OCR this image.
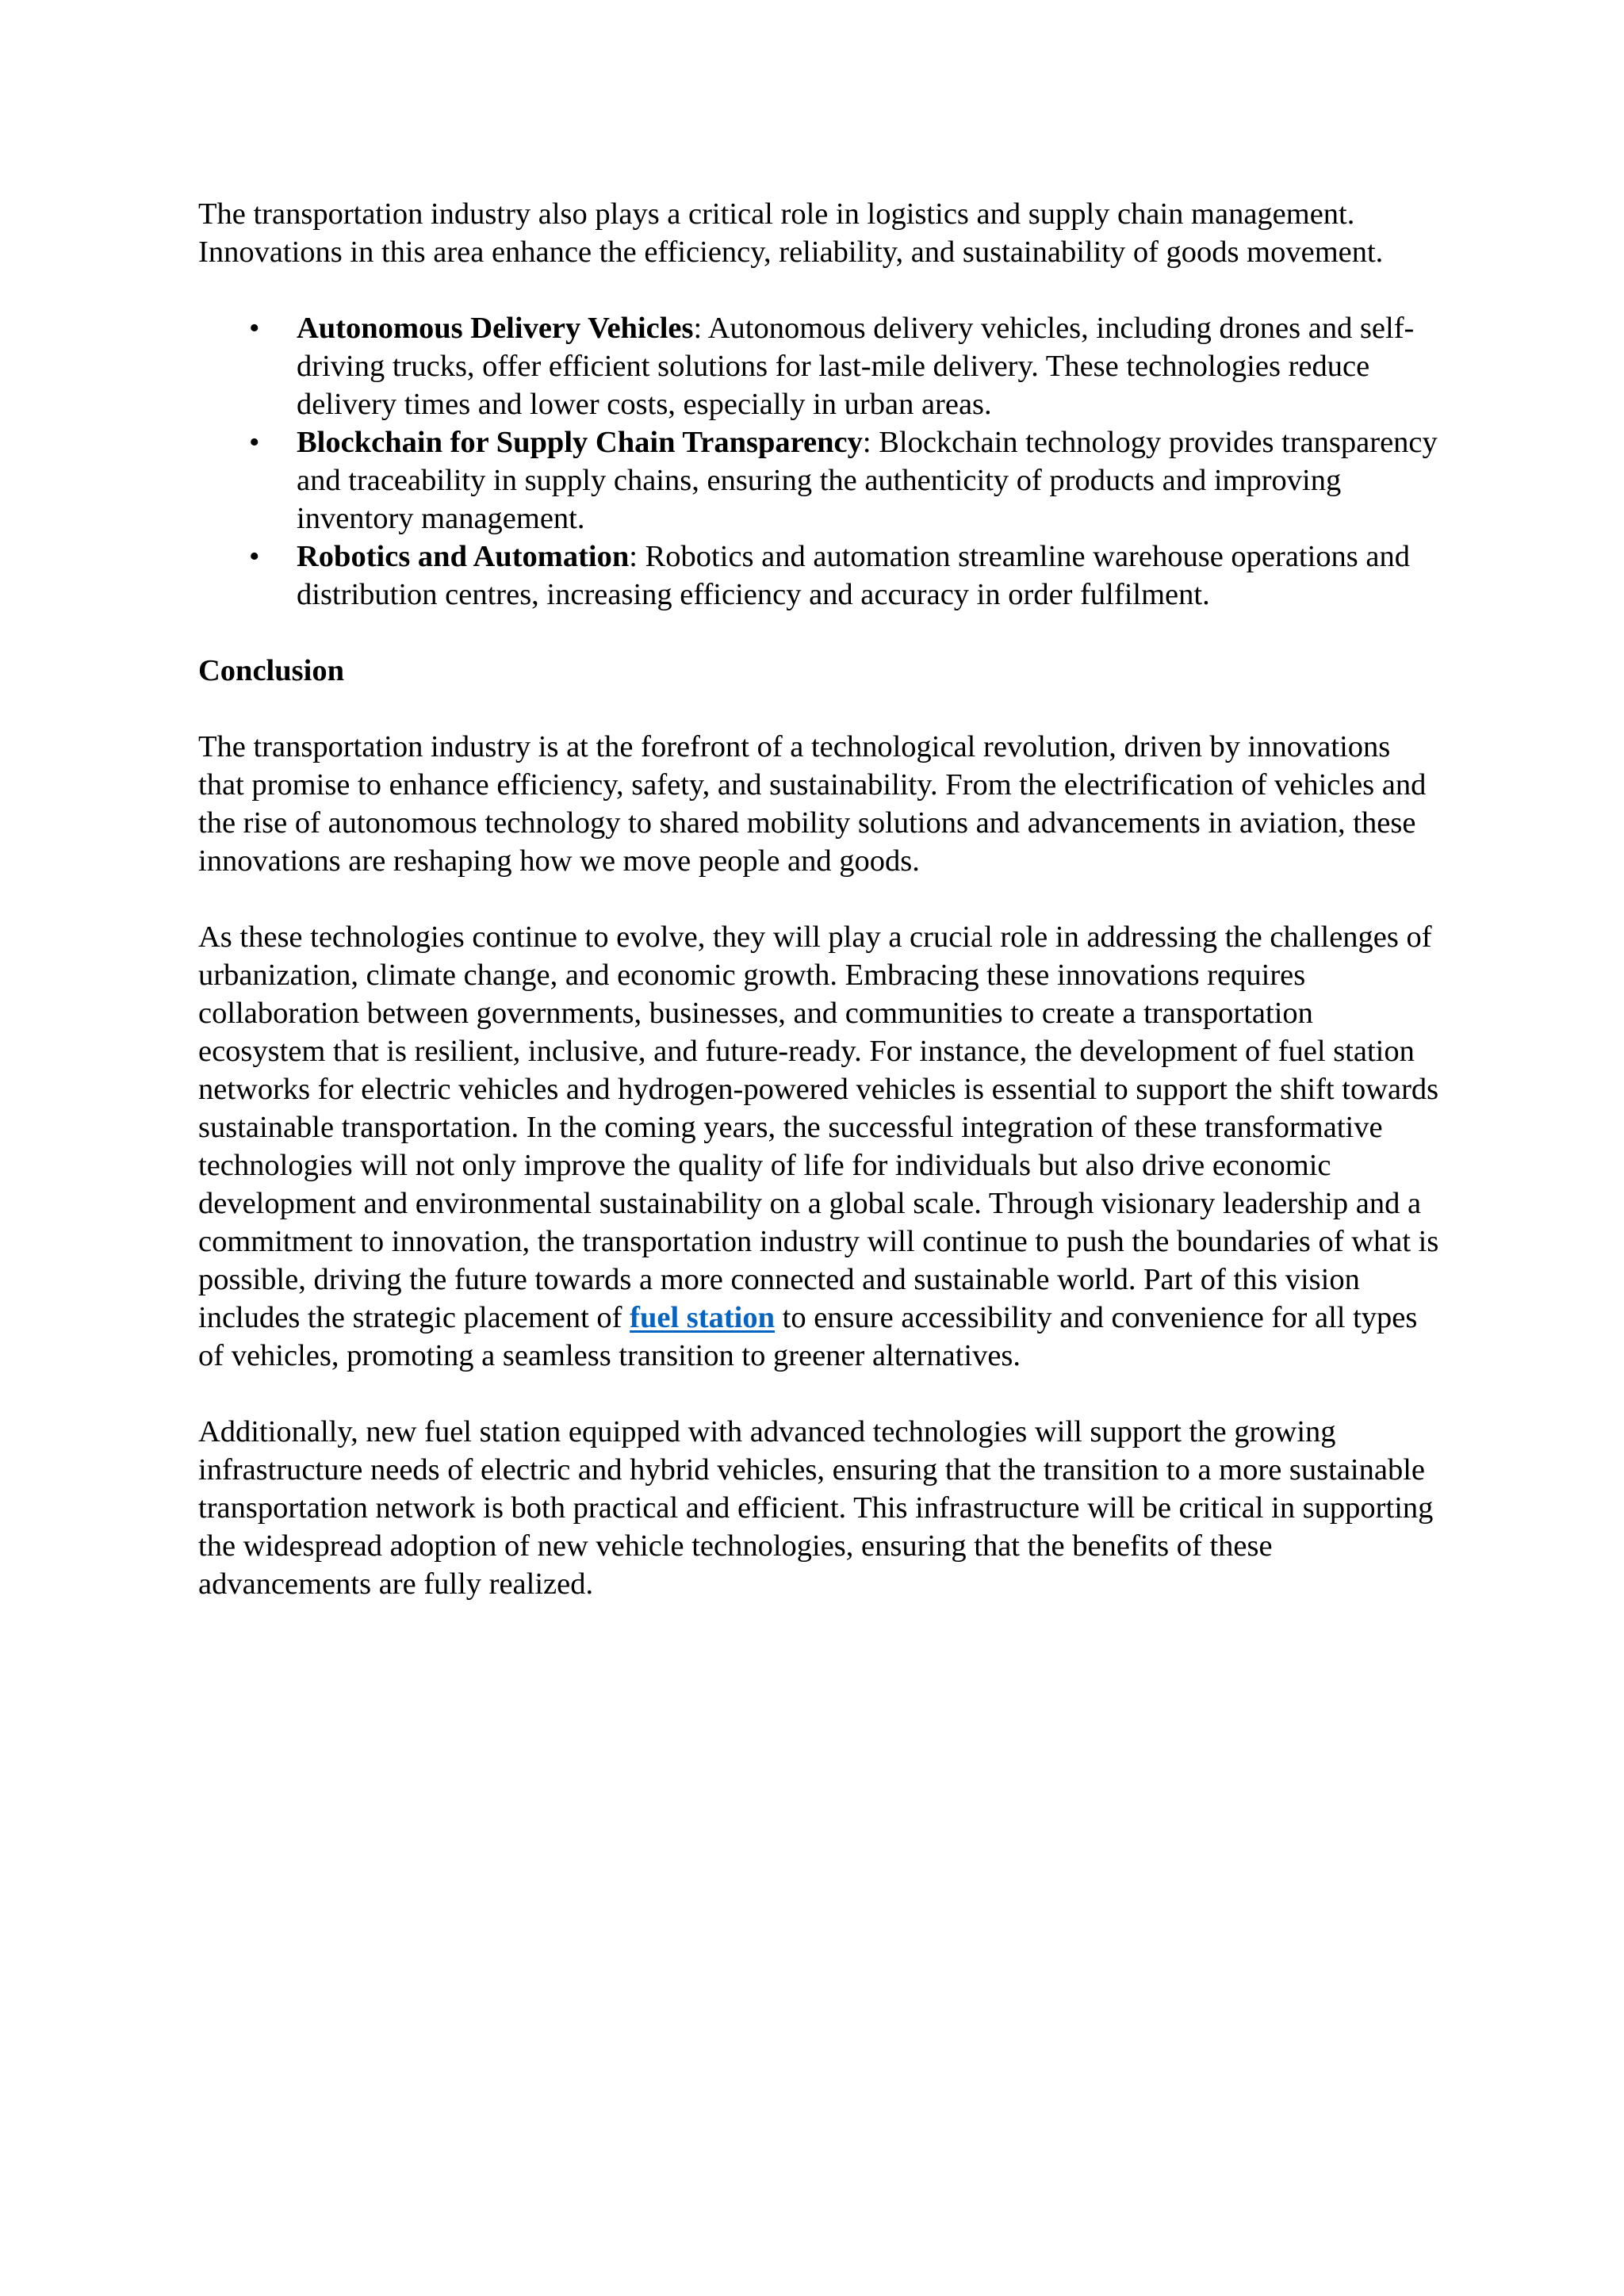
The transportation industry also plays a critical role in logistics and supply chain management. Innovations in this area enhance the efficiency, reliability, and sustainability of goods movement.

• Autonomous Delivery Vehicles: Autonomous delivery vehicles, including drones and self-driving trucks, offer efficient solutions for last-mile delivery. These technologies reduce delivery times and lower costs, especially in urban areas.
• Blockchain for Supply Chain Transparency: Blockchain technology provides transparency and traceability in supply chains, ensuring the authenticity of products and improving inventory management.
• Robotics and Automation: Robotics and automation streamline warehouse operations and distribution centres, increasing efficiency and accuracy in order fulfilment.

Conclusion

The transportation industry is at the forefront of a technological revolution, driven by innovations that promise to enhance efficiency, safety, and sustainability. From the electrification of vehicles and the rise of autonomous technology to shared mobility solutions and advancements in aviation, these innovations are reshaping how we move people and goods.

As these technologies continue to evolve, they will play a crucial role in addressing the challenges of urbanization, climate change, and economic growth. Embracing these innovations requires collaboration between governments, businesses, and communities to create a transportation ecosystem that is resilient, inclusive, and future-ready. For instance, the development of fuel station networks for electric vehicles and hydrogen-powered vehicles is essential to support the shift towards sustainable transportation. In the coming years, the successful integration of these transformative technologies will not only improve the quality of life for individuals but also drive economic development and environmental sustainability on a global scale. Through visionary leadership and a commitment to innovation, the transportation industry will continue to push the boundaries of what is possible, driving the future towards a more connected and sustainable world. Part of this vision includes the strategic placement of fuel station to ensure accessibility and convenience for all types of vehicles, promoting a seamless transition to greener alternatives.

Additionally, new fuel station equipped with advanced technologies will support the growing infrastructure needs of electric and hybrid vehicles, ensuring that the transition to a more sustainable transportation network is both practical and efficient. This infrastructure will be critical in supporting the widespread adoption of new vehicle technologies, ensuring that the benefits of these advancements are fully realized.
